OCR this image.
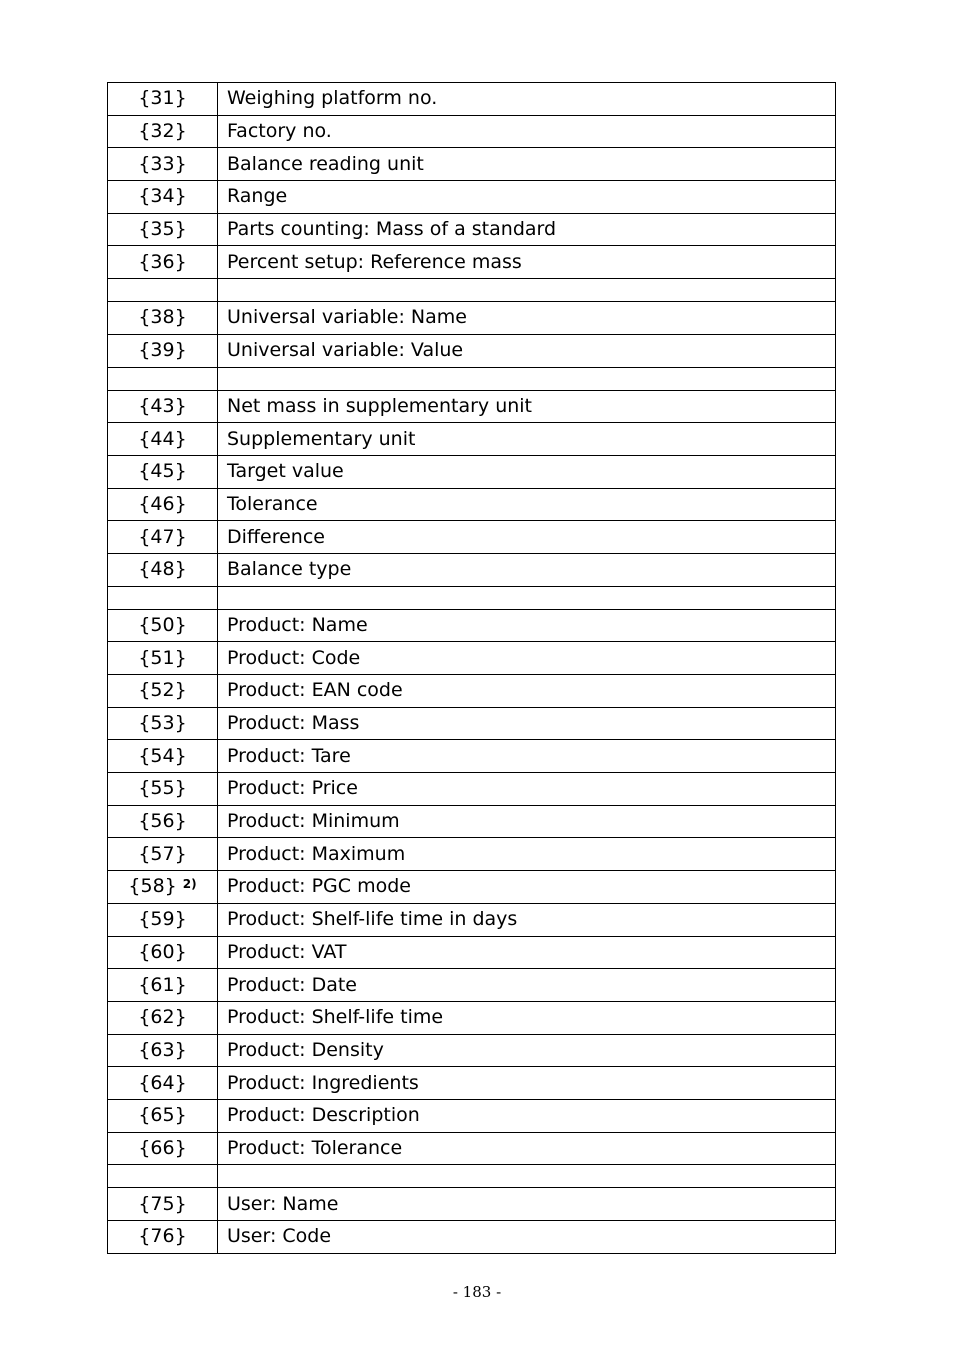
{31}	Weighing platform no.
{32}	Factory no.
{33}	Balance reading unit
{34}	Range
{35}	Parts counting: Mass of a standard
{36}	Percent setup: Reference mass

{38}	Universal variable: Name
{39}	Universal variable: Value

{43}	Net mass in supplementary unit
{44}	Supplementary unit
{45}	Target value
{46}	Tolerance
{47}	Difference
{48}	Balance type

{50}	Product: Name
{51}	Product: Code
{52}	Product: EAN code
{53}	Product: Mass
{54}	Product: Tare
{55}	Product: Price
{56}	Product: Minimum
{57}	Product: Maximum
{58} $^{2)}$	Product: PGC mode
{59}	Product: Shelf-life time in days
{60}	Product: VAT
{61}	Product: Date
{62}	Product: Shelf-life time
{63}	Product: Density
{64}	Product: Ingredients
{65}	Product: Description
{66}	Product: Tolerance

{75}	User: Name
{76}	User: Code
- 183 -
